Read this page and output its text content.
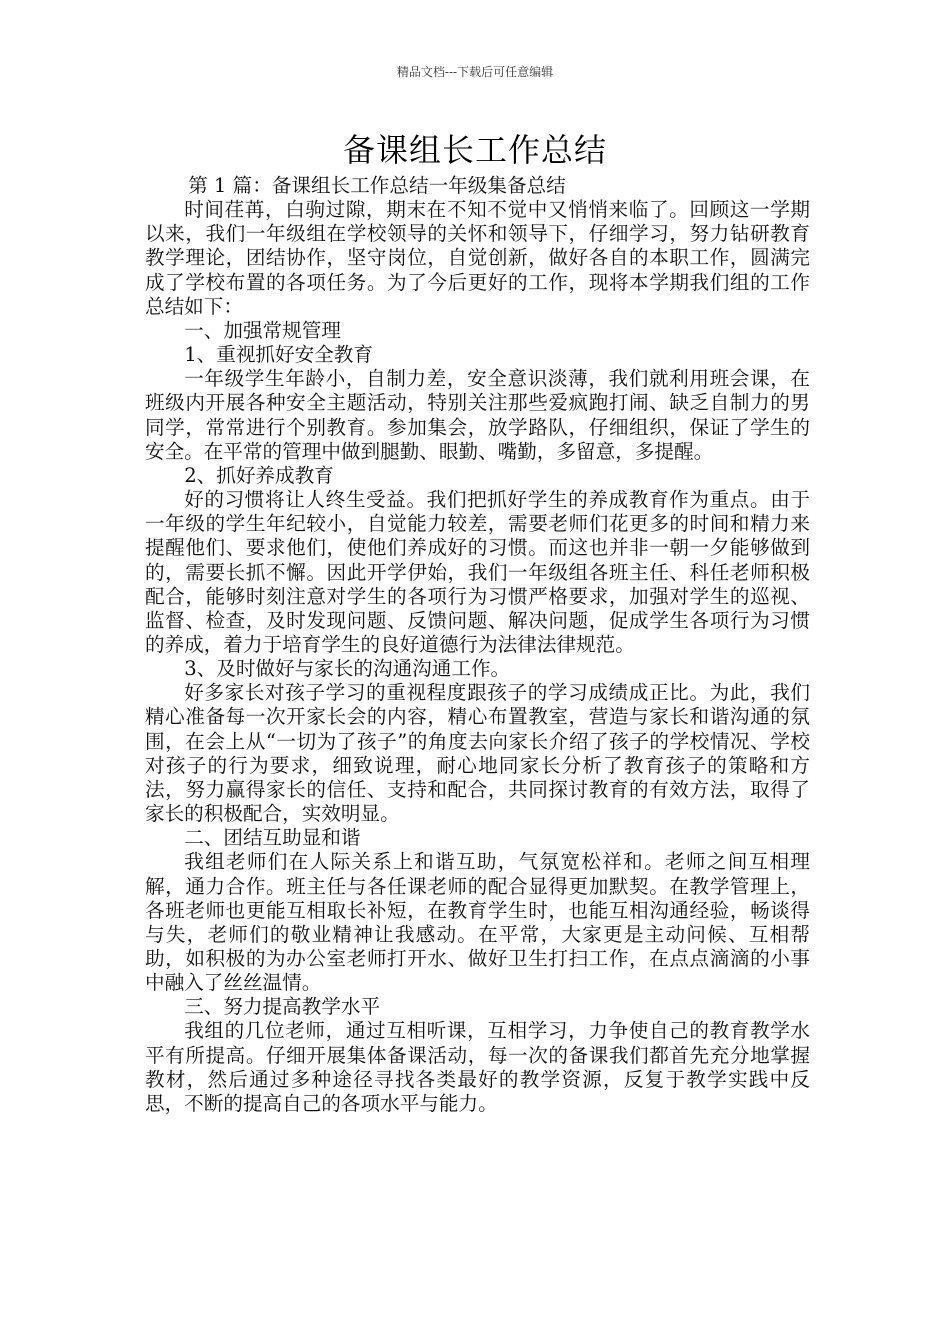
精品文档---下载后可任意编辑
备课组长工作总结

第 1 篇：备课组长工作总结一年级集备总结

时间荏苒，白驹过隙，期末在不知不觉中又悄悄来临了。回顾这一学期以来，我们一年级组在学校领导的关怀和领导下，仔细学习，努力钻研教育教学理论，团结协作，坚守岗位，自觉创新，做好各自的本职工作，圆满完成了学校布置的各项任务。为了今后更好的工作，现将本学期我们组的工作总结如下：

一、加强常规管理

1、重视抓好安全教育

一年级学生年龄小，自制力差，安全意识淡薄，我们就利用班会课，在班级内开展各种安全主题活动，特别关注那些爱疯跑打闹、缺乏自制力的男同学，常常进行个别教育。参加集会，放学路队，仔细组织，保证了学生的安全。在平常的管理中做到腿勤、眼勤、嘴勤，多留意，多提醒。

2、抓好养成教育

好的习惯将让人终生受益。我们把抓好学生的养成教育作为重点。由于一年级的学生年纪较小，自觉能力较差，需要老师们花更多的时间和精力来提醒他们、要求他们，使他们养成好的习惯。而这也并非一朝一夕能够做到的，需要长抓不懈。因此开学伊始，我们一年级组各班主任、科任老师积极配合，能够时刻注意对学生的各项行为习惯严格要求，加强对学生的巡视、监督、检查，及时发现问题、反馈问题、解决问题，促成学生各项行为习惯的养成，着力于培育学生的良好道德行为法律法律规范。

3、及时做好与家长的沟通沟通工作。

好多家长对孩子学习的重视程度跟孩子的学习成绩成正比。为此，我们精心准备每一次开家长会的内容，精心布置教室，营造与家长和谐沟通的氛围，在会上从“一切为了孩子”的角度去向家长介绍了孩子的学校情况、学校对孩子的行为要求，细致说理，耐心地同家长分析了教育孩子的策略和方法，努力赢得家长的信任、支持和配合，共同探讨教育的有效方法，取得了家长的积极配合，实效明显。

二、团结互助显和谐

我组老师们在人际关系上和谐互助，气氛宽松祥和。老师之间互相理解，通力合作。班主任与各任课老师的配合显得更加默契。在教学管理上，各班老师也更能互相取长补短，在教育学生时，也能互相沟通经验，畅谈得与失，老师们的敬业精神让我感动。在平常，大家更是主动问候、互相帮助，如积极的为办公室老师打开水、做好卫生打扫工作，在点点滴滴的小事中融入了丝丝温情。

三、努力提高教学水平

我组的几位老师，通过互相听课，互相学习，力争使自己的教育教学水平有所提高。仔细开展集体备课活动，每一次的备课我们都首先充分地掌握教材，然后通过多种途径寻找各类最好的教学资源，反复于教学实践中反思，不断的提高自己的各项水平与能力。
